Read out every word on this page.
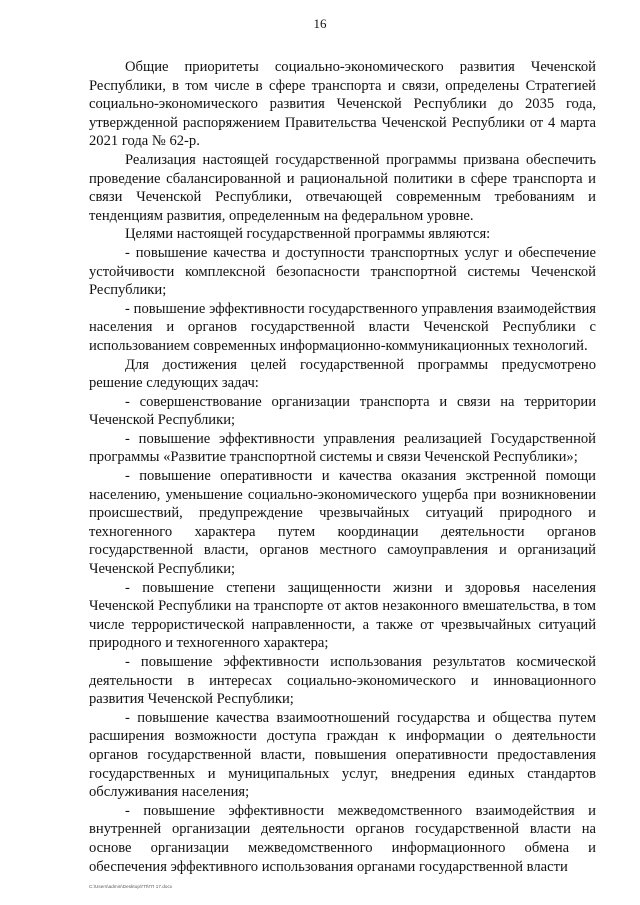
16

Общие приоритеты социально-экономического развития Чеченской Республики, в том числе в сфере транспорта и связи, определены Стратегией социально-экономического развития Чеченской Республики до 2035 года, утвержденной распоряжением Правительства Чеченской Республики от 4 марта 2021 года № 62-р.

Реализация настоящей государственной программы призвана обеспечить проведение сбалансированной и рациональной политики в сфере транспорта и связи Чеченской Республики, отвечающей современным требованиям и тенденциям развития, определенным на федеральном уровне.

Целями настоящей государственной программы являются:

- повышение качества и доступности транспортных услуг и обеспечение устойчивости комплексной безопасности транспортной системы Чеченской Республики;

- повышение эффективности государственного управления взаимодействия населения и органов государственной власти Чеченской Республики с использованием современных информационно-коммуникационных технологий.

Для достижения целей государственной программы предусмотрено решение следующих задач:

- совершенствование организации транспорта и связи на территории Чеченской Республики;

- повышение эффективности управления реализацией Государственной программы «Развитие транспортной системы и связи Чеченской Республики»;

- повышение оперативности и качества оказания экстренной помощи населению, уменьшение социально-экономического ущерба при возникновении происшествий, предупреждение чрезвычайных ситуаций природного и техногенного характера путем координации деятельности органов государственной власти, органов местного самоуправления и организаций Чеченской Республики;

- повышение степени защищенности жизни и здоровья населения Чеченской Республики на транспорте от актов незаконного вмешательства, в том числе террористической направленности, а также от чрезвычайных ситуаций природного и техногенного характера;

- повышение эффективности использования результатов космической деятельности в интересах социально-экономического и инновационного развития Чеченской Республики;

- повышение качества взаимоотношений государства и общества путем расширения возможности доступа граждан к информации о деятельности органов государственной власти, повышения оперативности предоставления государственных и муниципальных услуг, внедрения единых стандартов обслуживания населения;

- повышение эффективности межведомственного взаимодействия и внутренней организации деятельности органов государственной власти на основе организации межведомственного информационного обмена и обеспечения эффективного использования органами государственной власти

С:\Users\admin\Desktop\ГП\ГП 17.docx
